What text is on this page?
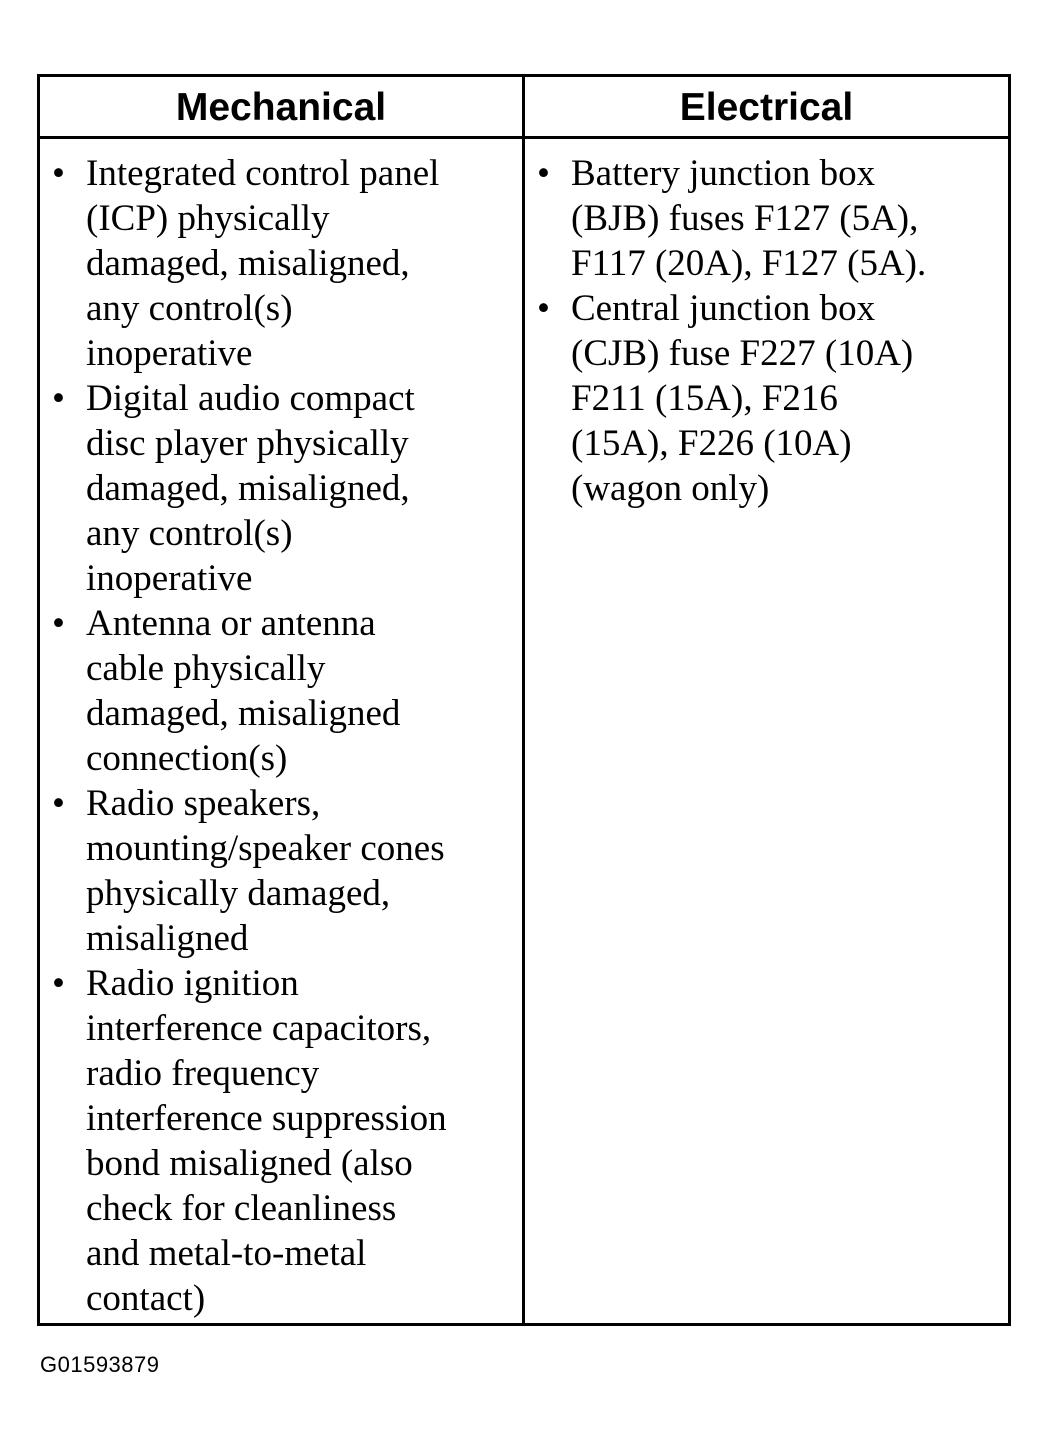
Mechanical	Electrical
• Integrated control panel
(ICP) physically
damaged, misaligned,
any control(s)
inoperative
• Digital audio compact
disc player physically
damaged, misaligned,
any control(s)
inoperative
• Antenna or antenna
cable physically
damaged, misaligned
connection(s)
• Radio speakers,
mounting/speaker cones
physically damaged,
misaligned
• Radio ignition
interference capacitors,
radio frequency
interference suppression
bond misaligned (also
check for cleanliness
and metal-to-metal
contact)
• Battery junction box
(BJB) fuses F127 (5A),
F117 (20A), F127 (5A).
• Central junction box
(CJB) fuse F227 (10A)
F211 (15A), F216
(15A), F226 (10A)
(wagon only)
G01593879
